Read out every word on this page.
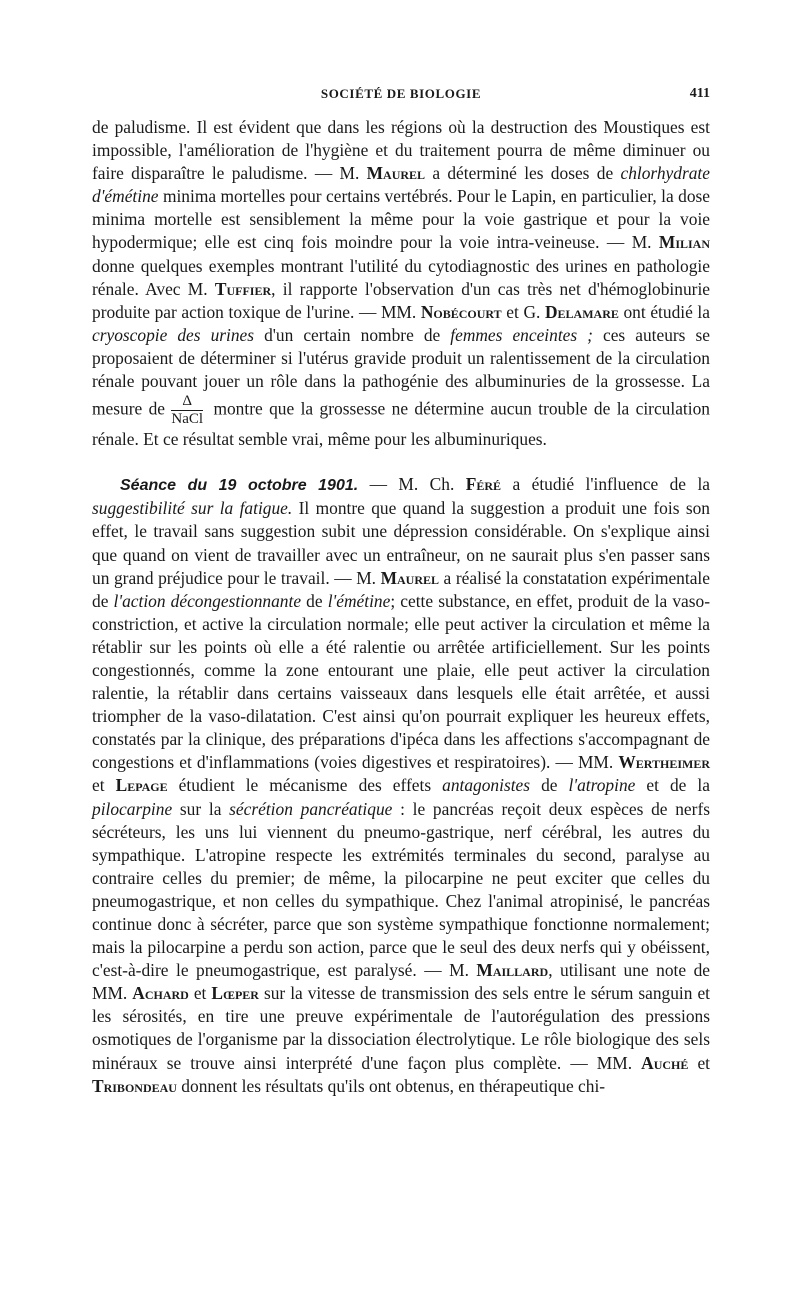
SOCIÉTÉ DE BIOLOGIE	411

de paludisme. Il est évident que dans les régions où la destruction des Moustiques est impossible, l'amélioration de l'hygiène et du traitement pourra de même diminuer ou faire disparaître le paludisme. — M. Maurel a déterminé les doses de chlorhydrate d'émétine minima mortelles pour certains vertébrés. Pour le Lapin, en particulier, la dose minima mortelle est sensiblement la même pour la voie gastrique et pour la voie hypodermique; elle est cinq fois moindre pour la voie intra-veineuse. — M. Milian donne quelques exemples montrant l'utilité du cytodiagnostic des urines en pathologie rénale. Avec M. Tuffier, il rapporte l'observation d'un cas très net d'hémoglobinurie produite par action toxique de l'urine. — MM. Nobécourt et G. Delamare ont étudié la cryoscopie des urines d'un certain nombre de femmes enceintes ; ces auteurs se proposaient de déterminer si l'utérus gravide produit un ralentissement de la circulation rénale pouvant jouer un rôle dans la pathogénie des albuminuries de la grossesse. La mesure de $\frac{\Delta}{\text{NaCl}}$ montre que la grossesse ne détermine aucun trouble de la circulation rénale. Et ce résultat semble vrai, même pour les albuminuriques.

Séance du 19 octobre 1901. — M. Ch. Féré a étudié l'influence de la suggestibilité sur la fatigue. Il montre que quand la suggestion a produit une fois son effet, le travail sans suggestion subit une dépression considérable. On s'explique ainsi que quand on vient de travailler avec un entraîneur, on ne saurait plus s'en passer sans un grand préjudice pour le travail. — M. Maurel a réalisé la constatation expérimentale de l'action décongestionnante de l'émétine; cette substance, en effet, produit de la vaso-constriction, et active la circulation normale; elle peut activer la circulation et même la rétablir sur les points où elle a été ralentie ou arrêtée artificiellement. Sur les points congestionnés, comme la zone entourant une plaie, elle peut activer la circulation ralentie, la rétablir dans certains vaisseaux dans lesquels elle était arrêtée, et aussi triompher de la vaso-dilatation. C'est ainsi qu'on pourrait expliquer les heureux effets, constatés par la clinique, des préparations d'ipéca dans les affections s'accompagnant de congestions et d'inflammations (voies digestives et respiratoires). — MM. Wertheimer et Lepage étudient le mécanisme des effets antagonistes de l'atropine et de la pilocarpine sur la sécrétion pancréatique : le pancréas reçoit deux espèces de nerfs sécréteurs, les uns lui viennent du pneumo-gastrique, nerf cérébral, les autres du sympathique. L'atropine respecte les extrémités terminales du second, paralyse au contraire celles du premier; de même, la pilocarpine ne peut exciter que celles du pneumogastrique, et non celles du sympathique. Chez l'animal atropinisé, le pancréas continue donc à sécréter, parce que son système sympathique fonctionne normalement; mais la pilocarpine a perdu son action, parce que le seul des deux nerfs qui y obéissent, c'est-à-dire le pneumogastrique, est paralysé. — M. Maillard, utilisant une note de MM. Achard et Lœper sur la vitesse de transmission des sels entre le sérum sanguin et les sérosités, en tire une preuve expérimentale de l'autorégulation des pressions osmotiques de l'organisme par la dissociation électrolytique. Le rôle biologique des sels minéraux se trouve ainsi interprété d'une façon plus complète. — MM. Auché et Tribondeau donnent les résultats qu'ils ont obtenus, en thérapeutique chi-
